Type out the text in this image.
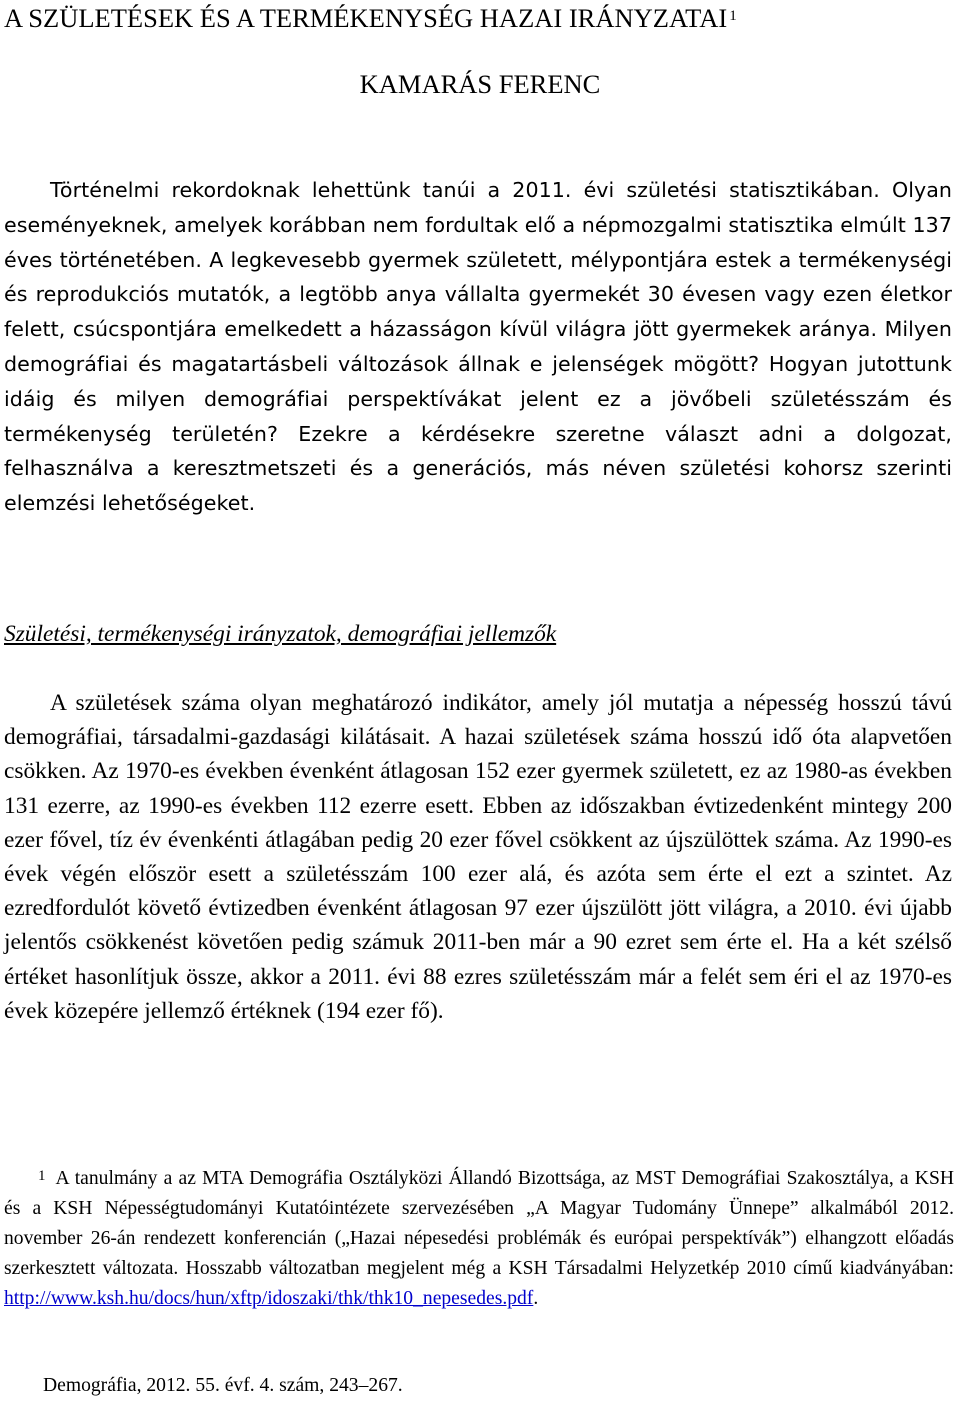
A SZÜLETÉSEK ÉS A TERMÉKENYSÉG HAZAI IRÁNYZATAI $^1$
KAMARÁS FERENC

Történelmi rekordoknak lehettünk tanúi a 2011. évi születési statisztikában. Olyan eseményeknek, amelyek korábban nem fordultak elő a népmozgalmi statisztika elmúlt 137 éves történetében. A legkevesebb gyermek született, mélypontjára estek a termékenységi és reprodukciós mutatók, a legtöbb anya vállalta gyermekét 30 évesen vagy ezen életkor felett, csúcspontjára emelkedett a házasságon kívül világra jött gyermekek aránya. Milyen demográfiai és magatartásbeli változások állnak e jelenségek mögött? Hogyan jutottunk idáig és milyen demográfiai perspektívákat jelent ez a jövőbeli születésszám és termékenység területén? Ezekre a kérdésekre szeretne választ adni a dolgozat, felhasználva a keresztmetszeti és a generációs, más néven születési kohorsz szerinti elemzési lehetőségeket.

Születési, termékenységi irányzatok, demográfiai jellemzők

A születések száma olyan meghatározó indikátor, amely jól mutatja a népesség hosszú távú demográfiai, társadalmi-gazdasági kilátásait. A hazai születések száma hosszú idő óta alapvetően csökken. Az 1970-es években évenként átlagosan 152 ezer gyermek született, ez az 1980-as években 131 ezerre, az 1990-es években 112 ezerre esett. Ebben az időszakban évtizedenként mintegy 200 ezer fővel, tíz év évenkénti átlagában pedig 20 ezer fővel csökkent az újszülöttek száma. Az 1990-es évek végén először esett a születésszám 100 ezer alá, és azóta sem érte el ezt a szintet. Az ezredfordulót követő évtizedben évenként átlagosan 97 ezer újszülött jött világra, a 2010. évi újabb jelentős csökkenést követően pedig számuk 2011-ben már a 90 ezret sem érte el. Ha a két szélső értéket hasonlítjuk össze, akkor a 2011. évi 88 ezres születésszám már a felét sem éri el az 1970-es évek közepére jellemző értéknek (194 ezer fő).

$^1$ A tanulmány a az MTA Demográfia Osztályközi Állandó Bizottsága, az MST Demográfiai Szakosztálya, a KSH és a KSH Népességtudományi Kutatóintézete szervezésében „A Magyar Tudomány Ünnepe” alkalmából 2012. november 26-án rendezett konferencián („Hazai népesedési problémák és európai perspektívák”) elhangzott előadás szerkesztett változata. Hosszabb változatban megjelent még a KSH Társadalmi Helyzetkép 2010 című kiadványában: http://www.ksh.hu/docs/hun/xftp/idoszaki/thk/thk10_nepesedes.pdf.

Demográfia, 2012. 55. évf. 4. szám, 243–267.
